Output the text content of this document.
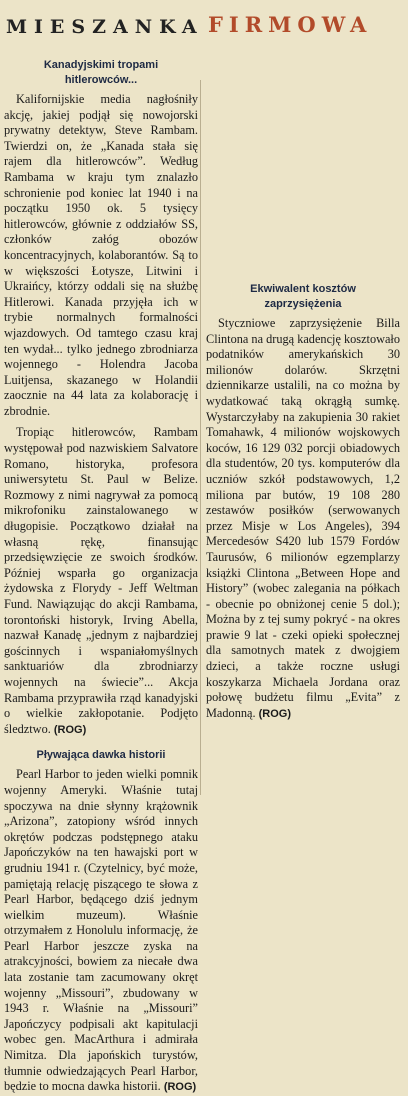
MIESZANKA FIRMOWA
Kanadyjskimi tropami hitlerowców...

Kalifornijskie media nagłośniły akcję, jakiej podjął się nowojorski prywatny detektyw, Steve Rambam. Twierdzi on, że „Kanada stała się rajem dla hitlerowców”. Według Rambama w kraju tym znalazło schronienie pod koniec lat 1940 i na początku 1950 ok. 5 tysięcy hitlerowców, głównie z oddziałów SS, członków załóg obozów koncentracyjnych, kolaborantów. Są to w większości Łotysze, Litwini i Ukraińcy, którzy oddali się na służbę Hitlerowi. Kanada przyjęła ich w trybie normalnych formalności wjazdowych. Od tamtego czasu kraj ten wydał... tylko jednego zbrodniarza wojennego - Holendra Jacoba Luitjensa, skazanego w Holandii zaocznie na 44 lata za kolaborację i zbrodnie.

Tropiąc hitlerowców, Rambam występował pod nazwiskiem Salvatore Romano, historyka, profesora uniwersytetu St. Paul w Belize. Rozmowy z nimi nagrywał za pomocą mikrofoniku zainstalowanego w długopisie. Początkowo działał na własną rękę, finansując przedsięwzięcie ze swoich środków. Później wsparła go organizacja żydowska z Florydy - Jeff Weltman Fund. Nawiązując do akcji Rambama, torontoński historyk, Irving Abella, nazwał Kanadę „jednym z najbardziej gościnnych i wspaniałomyślnych sanktuariów dla zbrodniarzy wojennych na świecie”... Akcja Rambama przyprawiła rząd kanadyjski o wielkie zakłopotanie. Podjęto śledztwo. (ROG)

Pływająca dawka historii

Pearl Harbor to jeden wielki pomnik wojenny Ameryki. Właśnie tutaj spoczywa na dnie słynny krążownik „Arizona”, zatopiony wśród innych okrętów podczas podstępnego ataku Japończyków na ten hawajski port w grudniu 1941 r. (Czytelnicy, być może, pamiętają relację piszącego te słowa z Pearl Harbor, będącego dziś jednym wielkim muzeum). Właśnie otrzymałem z Honolulu informację, że Pearl Harbor jeszcze zyska na atrakcyjności, bowiem za niecałe dwa lata zostanie tam zacumowany okręt wojenny „Missouri”, zbudowany w 1943 r. Właśnie na „Missouri” Japończycy podpisali akt kapitulacji wobec gen. MacArthura i admirała Nimitza. Dla japońskich turystów, tłumnie odwiedzających Pearl Harbor, będzie to mocna dawka historii. (ROG)

Ekwiwalent kosztów zaprzysiężenia

Styczniowe zaprzysiężenie Billa Clintona na drugą kadencję kosztowało podatników amerykańskich 30 milionów dolarów. Skrzętni dziennikarze ustalili, na co można by wydatkować taką okrągłą sumkę. Wystarczyłaby na zakupienia 30 rakiet Tomahawk, 4 milionów wojskowych koców, 16 129 032 porcji obiadowych dla studentów, 20 tys. komputerów dla uczniów szkół podstawowych, 1,2 miliona par butów, 19 108 280 zestawów posiłków (serwowanych przez Misje w Los Angeles), 394 Mercedesów S420 lub 1579 Fordów Taurusów, 6 milionów egzemplarzy książki Clintona „Between Hope and History” (wobec zalegania na półkach - obecnie po obniżonej cenie 5 dol.); Można by z tej sumy pokryć - na okres prawie 9 lat - czeki opieki społecznej dla samotnych matek z dwojgiem dzieci, a także roczne usługi koszykarza Michaela Jordana oraz połowę budżetu filmu „Evita” z Madonną. (ROG)
